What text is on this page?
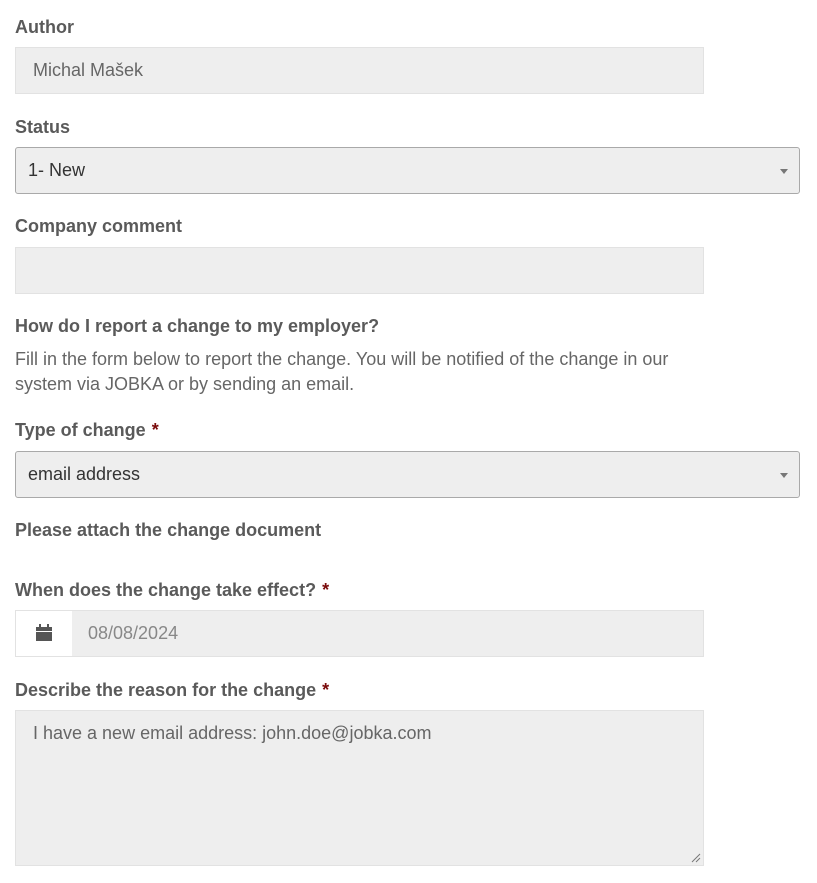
Author
Michal Mašek
Status
1- New
Company comment
How do I report a change to my employer?
Fill in the form below to report the change. You will be notified of the change in our system via JOBKA or by sending an email.
Type of change *
email address
Please attach the change document
When does the change take effect? *
08/08/2024
Describe the reason for the change *
I have a new email address: john.doe@jobka.com
